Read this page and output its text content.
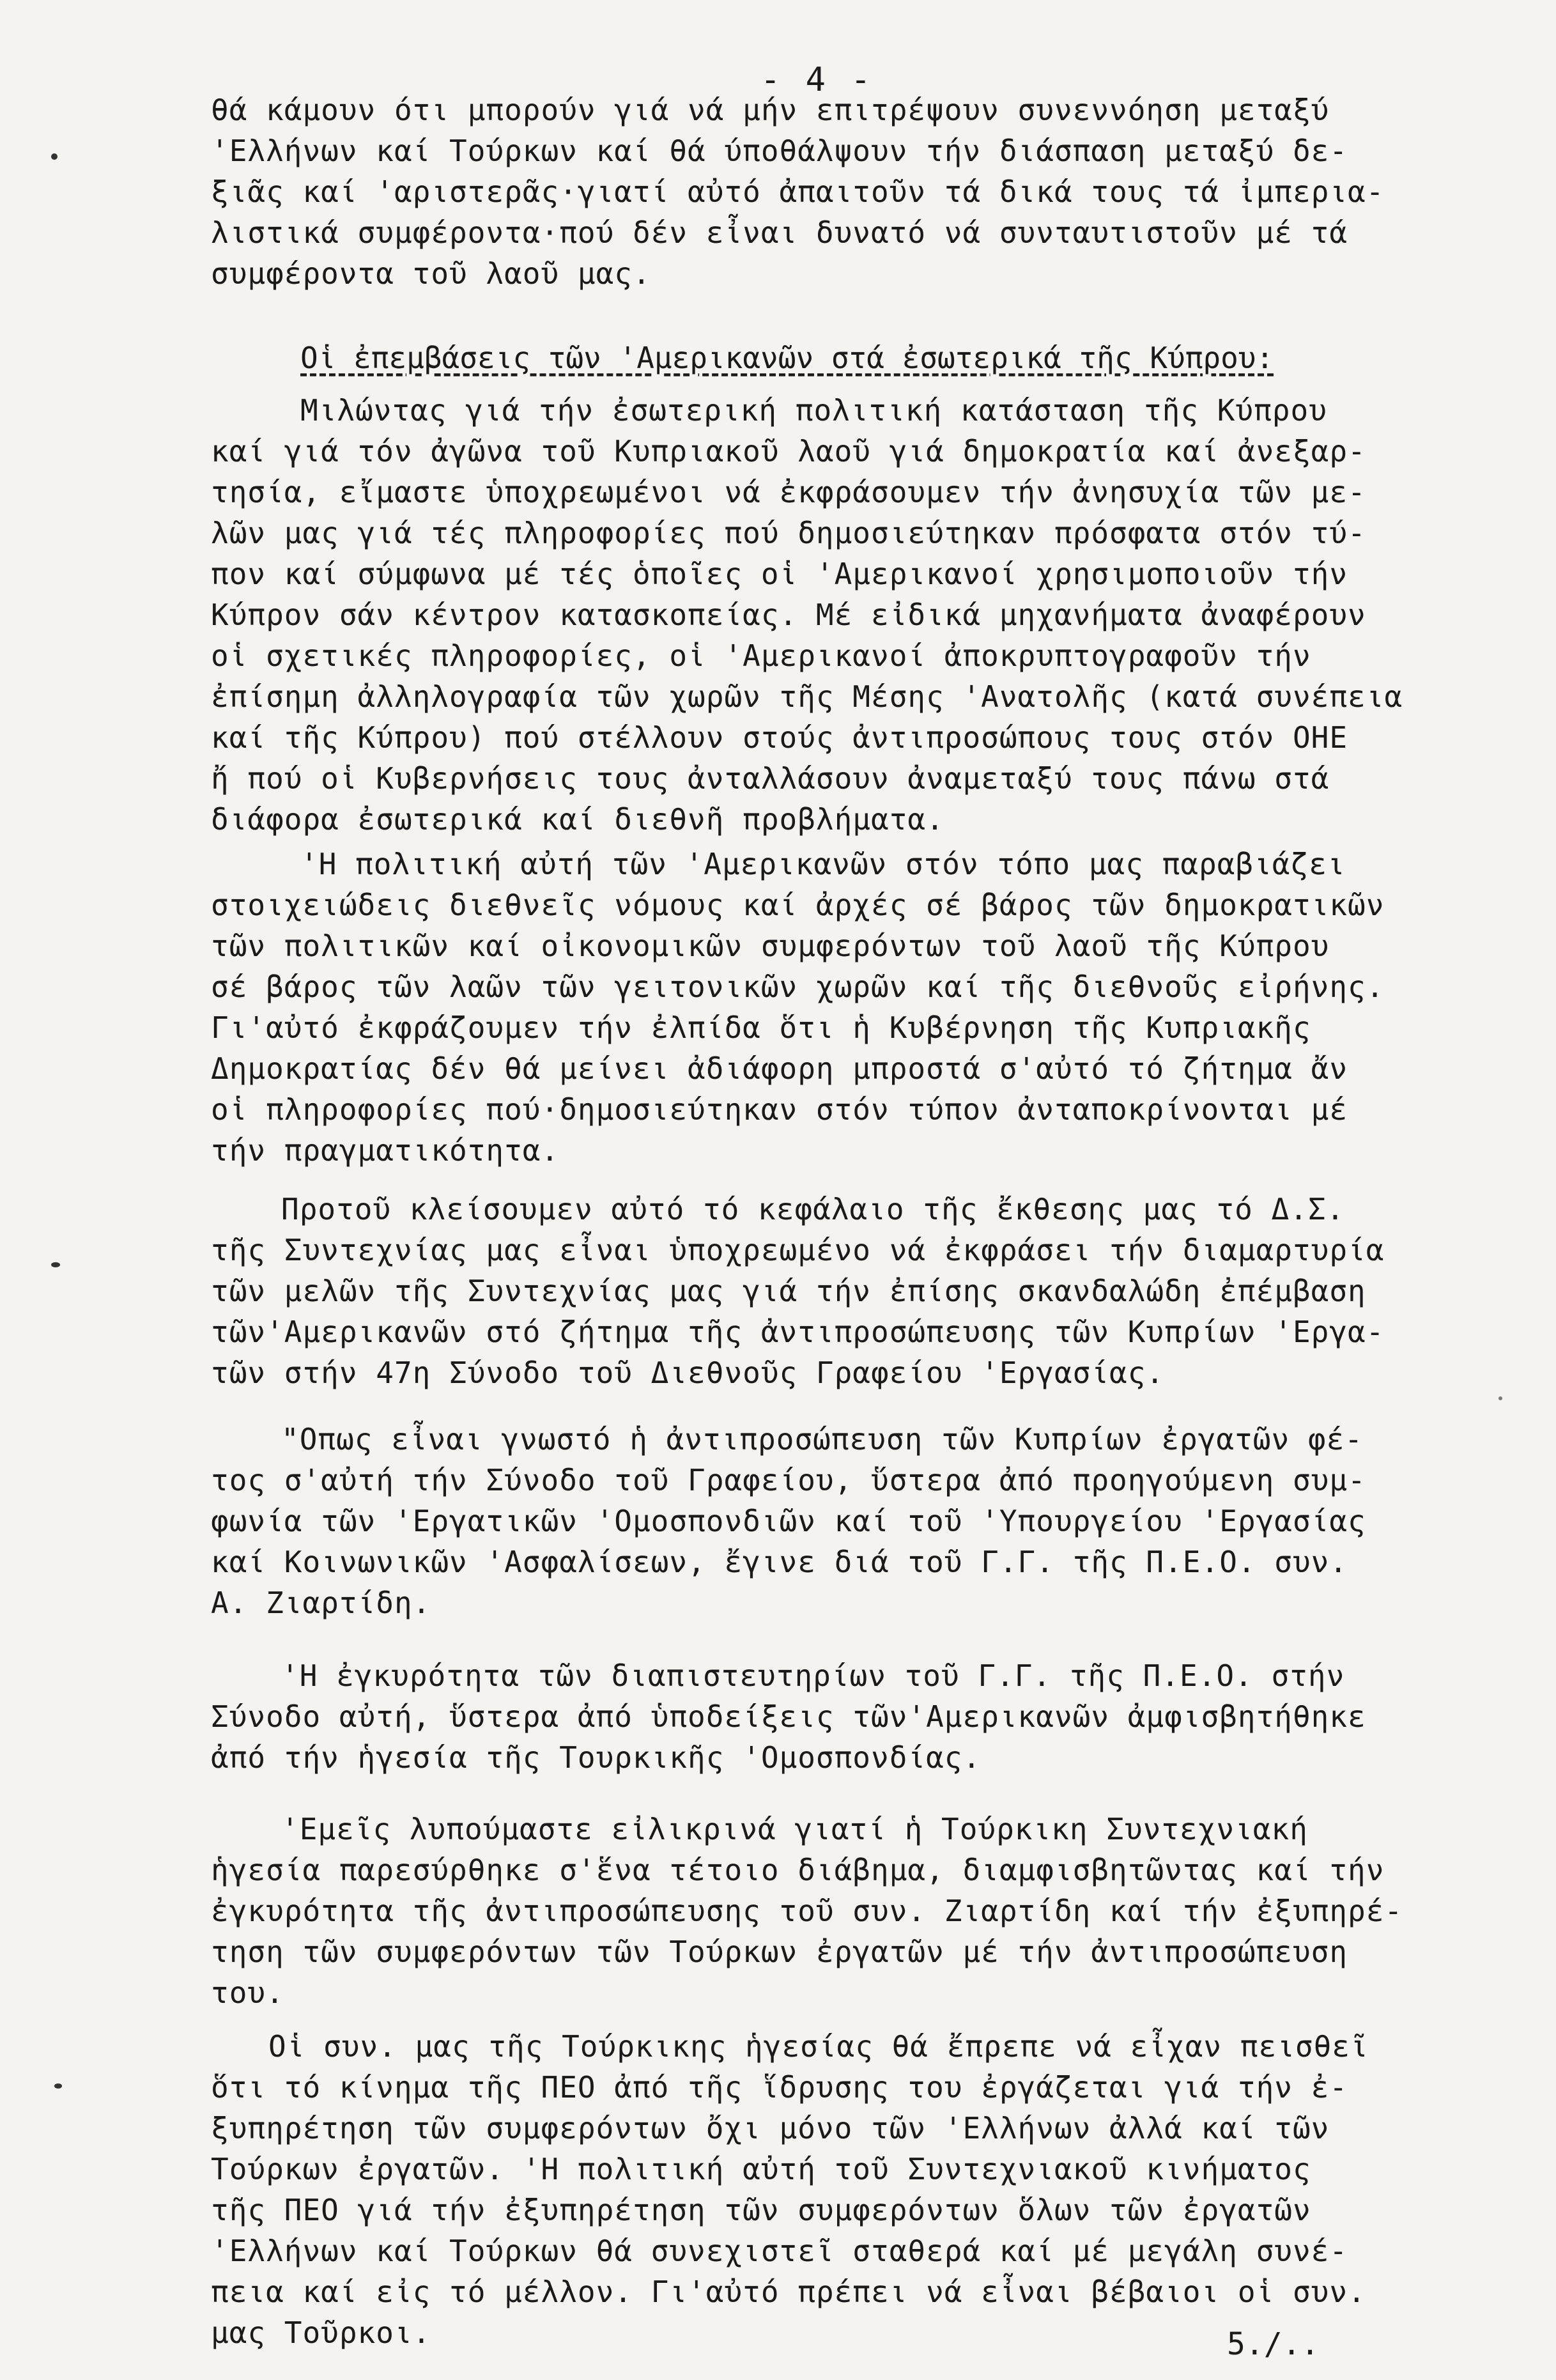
- 4 -
θά κάμουν ότι μπορούν γιά νά μήν επιτρέψουν συνεννόηση μεταξύ
'Ελλήνων καί Τούρκων καί θά ύποθάλψουν τήν διάσπαση μεταξύ δε-
ξιᾶς καί 'αριστερᾶς·γιατί αὐτό ἀπαιτοῦν τά δικά τους τά ἰμπερια-
λιστικά συμφέροντα·πού δέν εἶναι δυνατό νά συνταυτιστοῦν μέ τά
συμφέροντα τοῦ λαοῦ μας.
Οἱ ἐπεμβάσεις τῶν 'Αμερικανῶν στά ἐσωτερικά τῆς Κύπρου:
Μιλώντας γιά τήν ἐσωτερική πολιτική κατάσταση τῆς Κύπρου
καί γιά τόν ἀγῶνα τοῦ Κυπριακοῦ λαοῦ γιά δημοκρατία καί ἀνεξαρ-
τησία, εἴμαστε ὑποχρεωμένοι νά ἐκφράσουμεν τήν ἀνησυχία τῶν με-
λῶν μας γιά τές πληροφορίες πού δημοσιεύτηκαν πρόσφατα στόν τύ-
πον καί σύμφωνα μέ τές ὁποῖες οἱ 'Αμερικανοί χρησιμοποιοῦν τήν
Κύπρον σάν κέντρον κατασκοπείας. Μέ εἰδικά μηχανήματα ἀναφέρουν
οἱ σχετικές πληροφορίες, οἱ 'Αμερικανοί ἀποκρυπτογραφοῦν τήν
ἐπίσημη ἀλληλογραφία τῶν χωρῶν τῆς Μέσης 'Ανατολῆς (κατά συνέπεια
καί τῆς Κύπρου) πού στέλλουν στούς ἀντιπροσώπους τους στόν ΟΗΕ
ἤ πού οἱ Κυβερνήσεις τους ἀνταλλάσουν ἀναμεταξύ τους πάνω στά
διάφορα ἐσωτερικά καί διεθνῆ προβλήματα.
'Η πολιτική αὐτή τῶν 'Αμερικανῶν στόν τόπο μας παραβιάζει
στοιχειώδεις διεθνεῖς νόμους καί ἀρχές σέ βάρος τῶν δημοκρατικῶν
τῶν πολιτικῶν καί οἰκονομικῶν συμφερόντων τοῦ λαοῦ τῆς Κύπρου
σέ βάρος τῶν λαῶν τῶν γειτονικῶν χωρῶν καί τῆς διεθνοῦς εἰρήνης.
Γι'αὐτό ἐκφράζουμεν τήν ἐλπίδα ὅτι ἡ Κυβέρνηση τῆς Κυπριακῆς
Δημοκρατίας δέν θά μείνει ἀδιάφορη μπροστά σ'αὐτό τό ζήτημα ἄν
οἱ πληροφορίες πού·δημοσιεύτηκαν στόν τύπον ἀνταποκρίνονται μέ
τήν πραγματικότητα.
Προτοῦ κλείσουμεν αὐτό τό κεφάλαιο τῆς ἔκθεσης μας τό Δ.Σ.
τῆς Συντεχνίας μας εἶναι ὑποχρεωμένο νά ἐκφράσει τήν διαμαρτυρία
τῶν μελῶν τῆς Συντεχνίας μας γιά τήν ἐπίσης σκανδαλώδη ἐπέμβαση
τῶν'Αμερικανῶν στό ζήτημα τῆς ἀντιπροσώπευσης τῶν Κυπρίων 'Εργα-
τῶν στήν 47η Σύνοδο τοῦ Διεθνοῦς Γραφείου 'Εργασίας.
"Οπως εἶναι γνωστό ἡ ἀντιπροσώπευση τῶν Κυπρίων ἐργατῶν φέ-
τος σ'αὐτή τήν Σύνοδο τοῦ Γραφείου, ὕστερα ἀπό προηγούμενη συμ-
φωνία τῶν 'Εργατικῶν 'Ομοσπονδιῶν καί τοῦ 'Υπουργείου 'Εργασίας
καί Κοινωνικῶν 'Ασφαλίσεων, ἔγινε διά τοῦ Γ.Γ. τῆς Π.Ε.Ο. συν.
Α. Ζιαρτίδη.
'Η ἐγκυρότητα τῶν διαπιστευτηρίων τοῦ Γ.Γ. τῆς Π.Ε.Ο. στήν
Σύνοδο αὐτή, ὕστερα ἀπό ὑποδείξεις τῶν'Αμερικανῶν ἀμφισβητήθηκε
ἀπό τήν ἡγεσία τῆς Τουρκικῆς 'Ομοσπονδίας.
'Εμεῖς λυπούμαστε εἰλικρινά γιατί ἡ Τούρκικη Συντεχνιακή
ἡγεσία παρεσύρθηκε σ'ἕνα τέτοιο διάβημα, διαμφισβητῶντας καί τήν
ἐγκυρότητα τῆς ἀντιπροσώπευσης τοῦ συν. Ζιαρτίδη καί τήν ἐξυπηρέ-
τηση τῶν συμφερόντων τῶν Τούρκων ἐργατῶν μέ τήν ἀντιπροσώπευση
του.
Οἱ συν. μας τῆς Τούρκικης ἡγεσίας θά ἔπρεπε νά εἶχαν πεισθεῖ
ὅτι τό κίνημα τῆς ΠΕΟ ἀπό τῆς ἵδρυσης του ἐργάζεται γιά τήν ἐ-
ξυπηρέτηση τῶν συμφερόντων ὄχι μόνο τῶν 'Ελλήνων ἀλλά καί τῶν
Τούρκων ἐργατῶν. 'Η πολιτική αὐτή τοῦ Συντεχνιακοῦ κινήματος
τῆς ΠΕΟ γιά τήν ἐξυπηρέτηση τῶν συμφερόντων ὅλων τῶν ἐργατῶν
'Ελλήνων καί Τούρκων θά συνεχιστεῖ σταθερά καί μέ μεγάλη συνέ-
πεια καί εἰς τό μέλλον. Γι'αὐτό πρέπει νά εἶναι βέβαιοι οἱ συν.
μας Τοῦρκοι.	5./..
